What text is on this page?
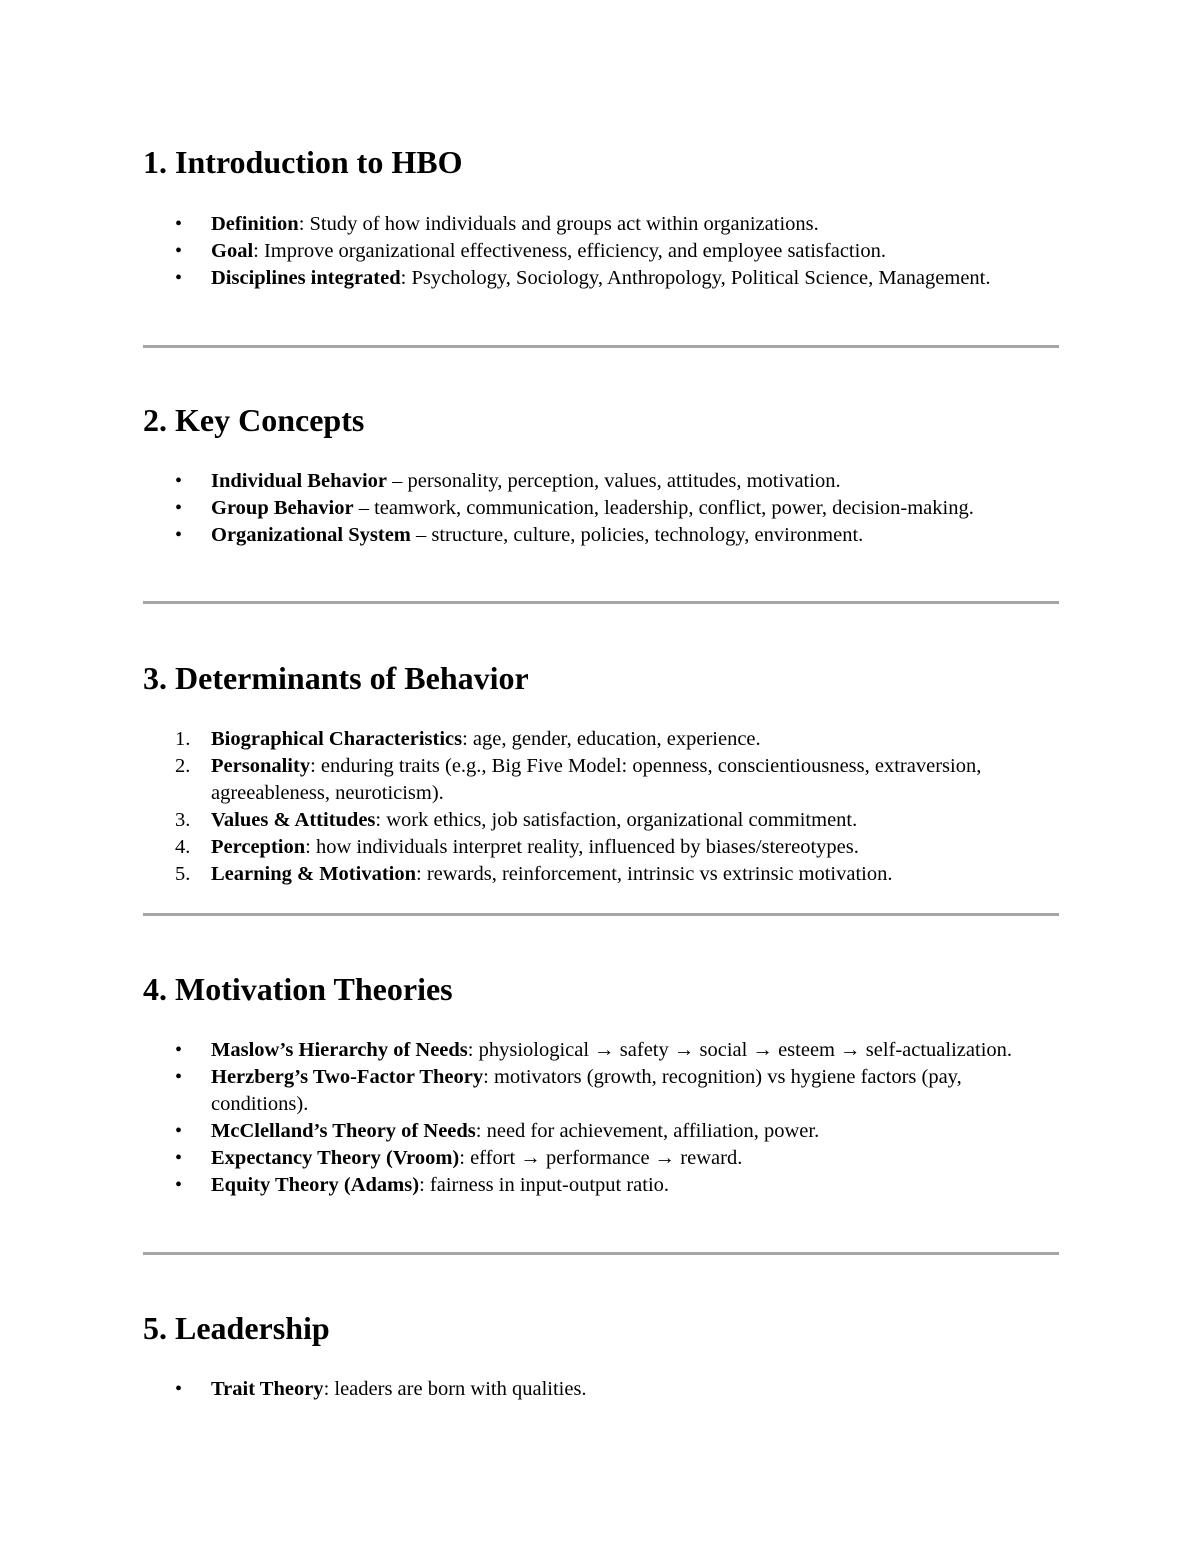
1. Introduction to HBO
• Definition: Study of how individuals and groups act within organizations.
• Goal: Improve organizational effectiveness, efficiency, and employee satisfaction.
• Disciplines integrated: Psychology, Sociology, Anthropology, Political Science, Management.
2. Key Concepts
• Individual Behavior – personality, perception, values, attitudes, motivation.
• Group Behavior – teamwork, communication, leadership, conflict, power, decision-making.
• Organizational System – structure, culture, policies, technology, environment.
3. Determinants of Behavior
1. Biographical Characteristics: age, gender, education, experience.
2. Personality: enduring traits (e.g., Big Five Model: openness, conscientiousness, extraversion, agreeableness, neuroticism).
3. Values & Attitudes: work ethics, job satisfaction, organizational commitment.
4. Perception: how individuals interpret reality, influenced by biases/stereotypes.
5. Learning & Motivation: rewards, reinforcement, intrinsic vs extrinsic motivation.
4. Motivation Theories
• Maslow’s Hierarchy of Needs: physiological → safety → social → esteem → self-actualization.
• Herzberg’s Two-Factor Theory: motivators (growth, recognition) vs hygiene factors (pay, conditions).
• McClelland’s Theory of Needs: need for achievement, affiliation, power.
• Expectancy Theory (Vroom): effort → performance → reward.
• Equity Theory (Adams): fairness in input-output ratio.
5. Leadership
• Trait Theory: leaders are born with qualities.
